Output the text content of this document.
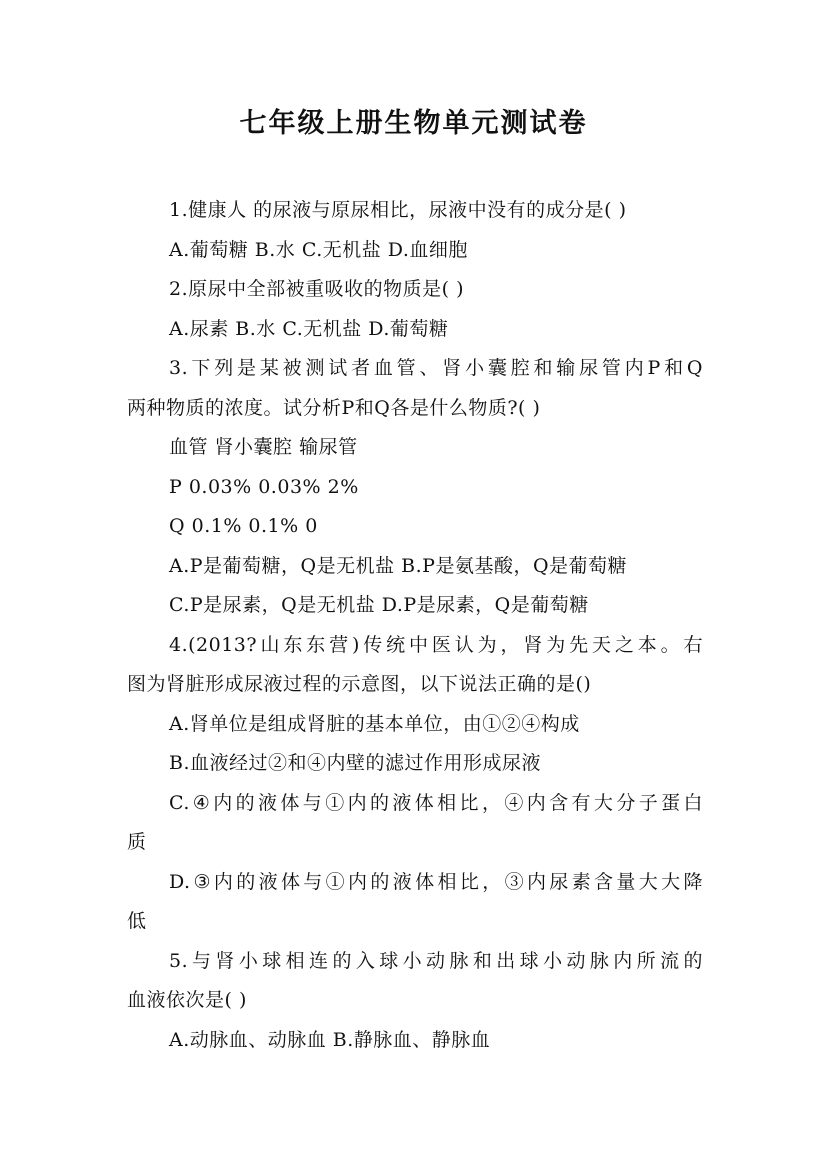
七年级上册生物单元测试卷
1.健康人 的尿液与原尿相比，尿液中没有的成分是( )
A.葡萄糖 B.水 C.无机盐 D.血细胞
2.原尿中全部被重吸收的物质是( )
A.尿素 B.水 C.无机盐 D.葡萄糖
3.下列是某被测试者血管、肾小囊腔和输尿管内P和Q
两种物质的浓度。试分析P和Q各是什么物质?( )
血管 肾小囊腔 输尿管
P 0.03% 0.03% 2%
Q 0.1% 0.1% 0
A.P是葡萄糖，Q是无机盐 B.P是氨基酸，Q是葡萄糖
C.P是尿素，Q是无机盐 D.P是尿素，Q是葡萄糖
4.(2013?山东东营)传统中医认为，肾为先天之本。右
图为肾脏形成尿液过程的示意图，以下说法正确的是()
A.肾单位是组成肾脏的基本单位，由①②④构成
B.血液经过②和④内壁的滤过作用形成尿液
C.④内的液体与①内的液体相比，④内含有大分子蛋白
质
D.③内的液体与①内的液体相比，③内尿素含量大大降
低
5.与肾小球相连的入球小动脉和出球小动脉内所流的
血液依次是( )
A.动脉血、动脉血 B.静脉血、静脉血
